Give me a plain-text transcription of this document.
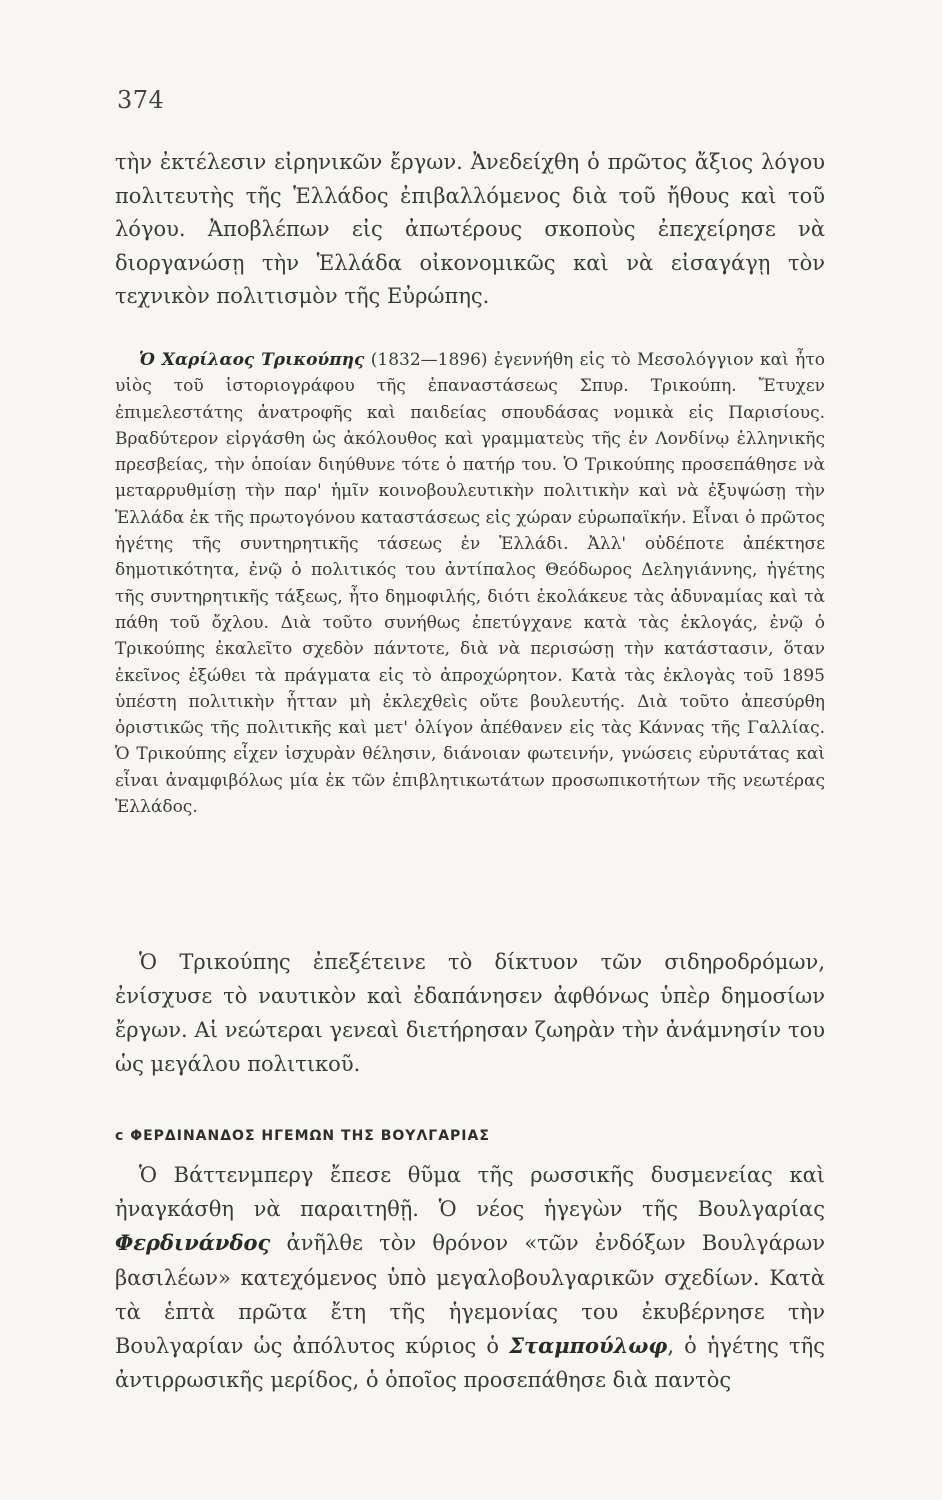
374
τὴν ἐκτέλεσιν εἰρηνικῶν ἔργων. Ἀνεδείχθη ὁ πρῶτος ἄξιος λόγου πολιτευτὴς τῆς Ἑλλάδος ἐπιβαλλόμενος διὰ τοῦ ἤθους καὶ τοῦ λόγου. Ἀποβλέπων εἰς ἀπωτέρους σκοποὺς ἐπεχείρησε νὰ διοργανώσῃ τὴν Ἑλλάδα οἰκονομικῶς καὶ νὰ εἰσαγάγῃ τὸν τεχνικὸν πολιτισμὸν τῆς Εὐρώπης.
Ὁ Χαρίλαος Τρικούπης (1832—1896) ἐγεννήθη εἰς τὸ Μεσολόγγιον καὶ ἦτο υἱὸς τοῦ ἱστοριογράφου τῆς ἐπαναστάσεως Σπυρ. Τρικούπη. Ἔτυχεν ἐπιμελεστάτης ἀνατροφῆς καὶ παιδείας σπουδάσας νομικὰ εἰς Παρισίους. Βραδύτερον εἰργάσθη ὡς ἀκόλουθος καὶ γραμματεὺς τῆς ἐν Λονδίνῳ ἑλληνικῆς πρεσβείας, τὴν ὁποίαν διηύθυνε τότε ὁ πατήρ του. Ὁ Τρικούπης προσεπάθησε νὰ μεταρρυθμίσῃ τὴν παρ' ἡμῖν κοινοβουλευτικὴν πολιτικὴν καὶ νὰ ἐξυψώσῃ τὴν Ἑλλάδα ἐκ τῆς πρωτογόνου καταστάσεως εἰς χώραν εὐρωπαϊκήν. Εἶναι ὁ πρῶτος ἡγέτης τῆς συντηρητικῆς τάσεως ἐν Ἑλλάδι. Ἀλλ' οὐδέποτε ἀπέκτησε δημοτικότητα, ἐνῷ ὁ πολιτικός του ἀντίπαλος Θεόδωρος Δεληγιάννης, ἡγέτης τῆς συντηρητικῆς τάξεως, ἦτο δημοφιλής, διότι ἐκολάκευε τὰς ἀδυναμίας καὶ τὰ πάθη τοῦ ὄχλου. Διὰ τοῦτο συνήθως ἐπετύγχανε κατὰ τὰς ἐκλογάς, ἐνῷ ὁ Τρικούπης ἐκαλεῖτο σχεδὸν πάντοτε, διὰ νὰ περισώσῃ τὴν κατάστασιν, ὅταν ἐκεῖνος ἐξώθει τὰ πράγματα εἰς τὸ ἀπροχώρητον. Κατὰ τὰς ἐκλογὰς τοῦ 1895 ὑπέστη πολιτικὴν ἧτταν μὴ ἐκλεχθεὶς οὔτε βουλευτής. Διὰ τοῦτο ἀπεσύρθη ὁριστικῶς τῆς πολιτικῆς καὶ μετ' ὀλίγον ἀπέθανεν εἰς τὰς Κάννας τῆς Γαλλίας. Ὁ Τρικούπης εἶχεν ἰσχυρὰν θέλησιν, διάνοιαν φωτεινήν, γνώσεις εὐρυτάτας καὶ εἶναι ἀναμφιβόλως μία ἐκ τῶν ἐπιβλητικωτάτων προσωπικοτήτων τῆς νεωτέρας Ἑλλάδος.
Ὁ Τρικούπης ἐπεξέτεινε τὸ δίκτυον τῶν σιδηροδρόμων, ἐνίσχυσε τὸ ναυτικὸν καὶ ἐδαπάνησεν ἀφθόνως ὑπὲρ δημοσίων ἔργων. Αἱ νεώτεραι γενεαὶ διετήρησαν ζωηρὰν τὴν ἀνάμνησίν του ὡς μεγάλου πολιτικοῦ.
c ΦΕΡΔΙΝΑΝΔΟΣ ΗΓΕΜΩΝ ΤΗΣ ΒΟΥΛΓΑΡΙΑΣ
Ὁ Βάττενμπεργ ἔπεσε θῦμα τῆς ρωσσικῆς δυσμενείας καὶ ἠναγκάσθη νὰ παραιτηθῇ. Ὁ νέος ἡγεγὼν τῆς Βουλγαρίας Φερδινάνδος ἀνῆλθε τὸν θρόνον «τῶν ἐνδόξων Βουλγάρων βασιλέων» κατεχόμενος ὑπὸ μεγαλοβουλγαρικῶν σχεδίων. Κατὰ τὰ ἑπτὰ πρῶτα ἔτη τῆς ἡγεμονίας του ἐκυβέρνησε τὴν Βουλγαρίαν ὡς ἀπόλυτος κύριος ὁ Σταμπούλωφ, ὁ ἡγέτης τῆς ἀντιρρωσικῆς μερίδος, ὁ ὁποῖος προσεπάθησε διὰ παντὸς
